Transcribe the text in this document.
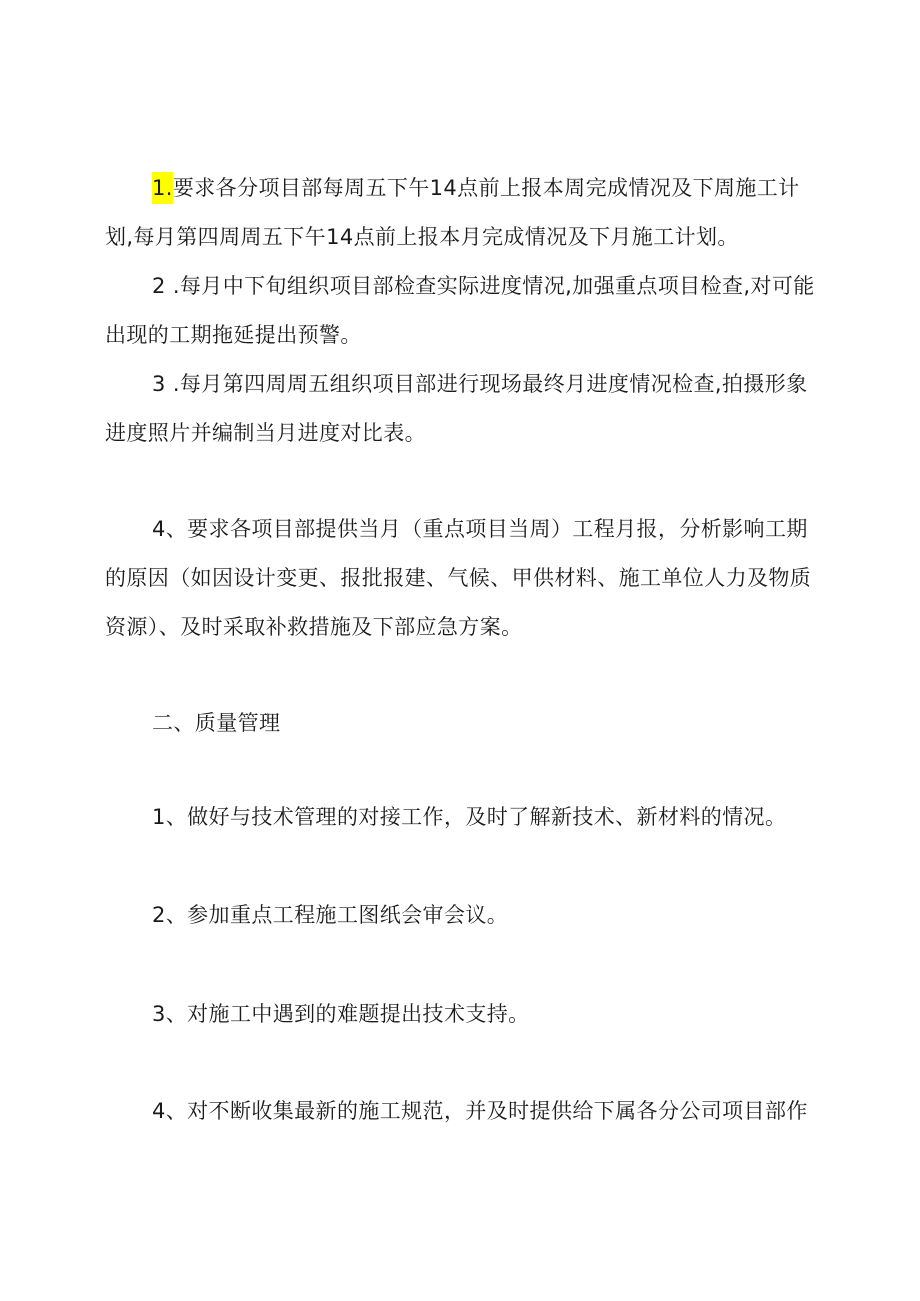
1.要求各分项目部每周五下午14点前上报本周完成情况及下周施工计划,每月第四周周五下午14点前上报本月完成情况及下月施工计划。

2 .每月中下旬组织项目部检查实际进度情况,加强重点项目检查,对可能出现的工期拖延提出预警。

3 .每月第四周周五组织项目部进行现场最终月进度情况检查,拍摄形象进度照片并编制当月进度对比表。

4、要求各项目部提供当月（重点项目当周）工程月报，分析影响工期的原因（如因设计变更、报批报建、气候、甲供材料、施工单位人力及物质资源）、及时采取补救措施及下部应急方案。

二、质量管理

1、做好与技术管理的对接工作，及时了解新技术、新材料的情况。

2、参加重点工程施工图纸会审会议。

3、对施工中遇到的难题提出技术支持。

4、对不断收集最新的施工规范，并及时提供给下属各分公司项目部作
